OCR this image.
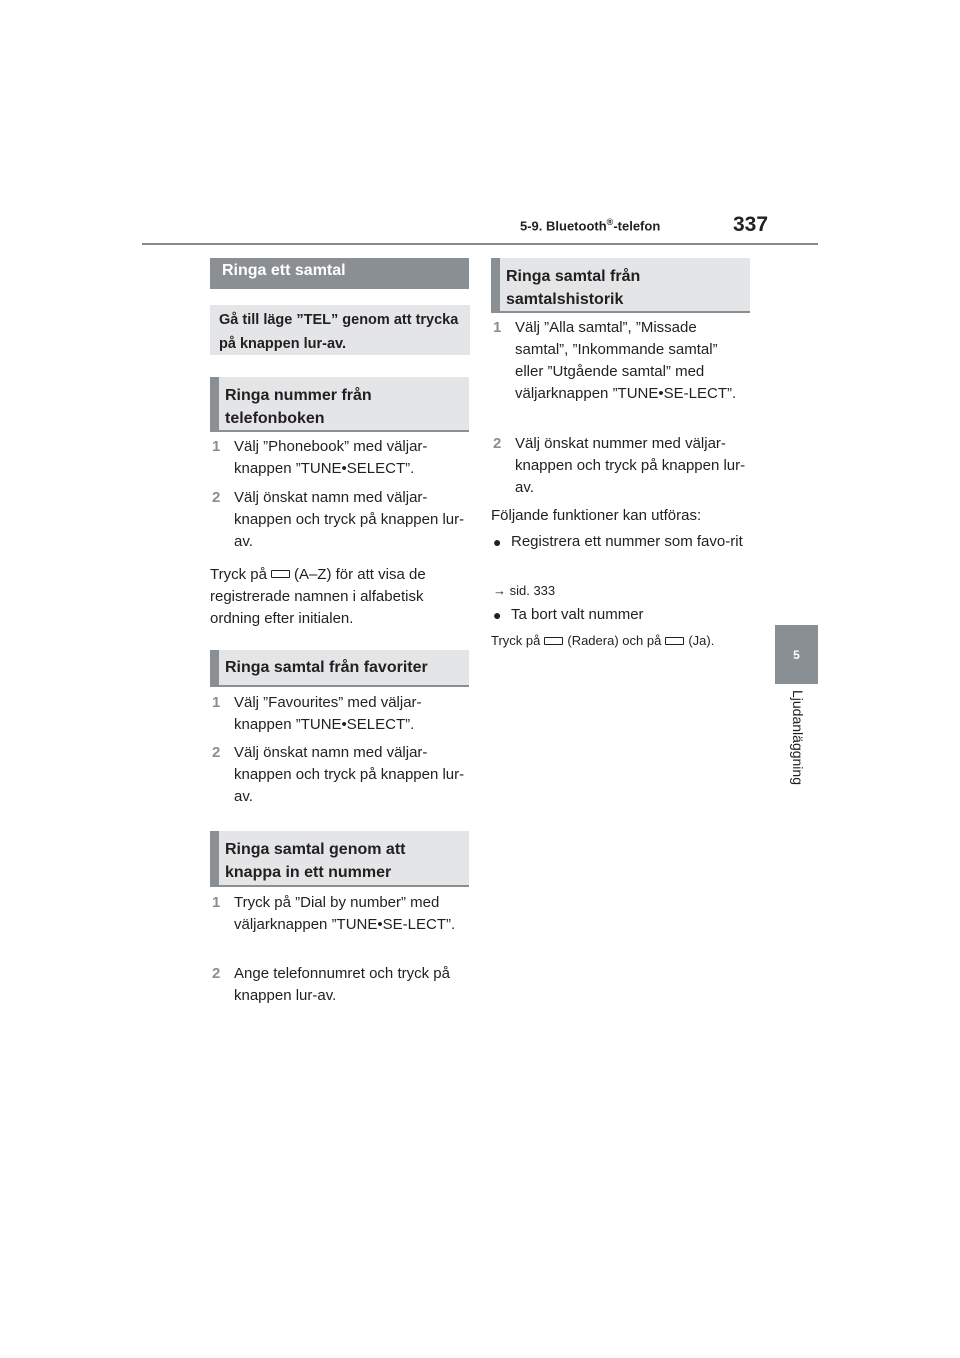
5-9. Bluetooth®-telefon	337
5
Ljudanläggning
Ringa ett samtal
Gå till läge ”TEL” genom att trycka på knappen lur-av.
Ringa nummer från telefonboken
1 Välj ”Phonebook” med väljar-knappen ”TUNE•SELECT”.
2 Välj önskat namn med väljar-knappen och tryck på knappen lur-av.
Tryck på (A–Z) för att visa de registrerade namnen i alfabetisk ordning efter initialen.
Ringa samtal från favoriter
1 Välj ”Favourites” med väljar-knappen ”TUNE•SELECT”.
2 Välj önskat namn med väljar-knappen och tryck på knappen lur-av.
Ringa samtal genom att knappa in ett nummer
1 Tryck på ”Dial by number” med väljarknappen ”TUNE•SE-LECT”.
2 Ange telefonnumret och tryck på knappen lur-av.
Ringa samtal från samtalshistorik
1 Välj ”Alla samtal”, ”Missade samtal”, ”Inkommande samtal” eller ”Utgående samtal” med väljarknappen ”TUNE•SE-LECT”.
2 Välj önskat nummer med väljar-knappen och tryck på knappen lur-av.
Följande funktioner kan utföras:
● Registrera ett nummer som favo-rit
→ sid. 333
● Ta bort valt nummer
Tryck på (Radera) och på (Ja).
